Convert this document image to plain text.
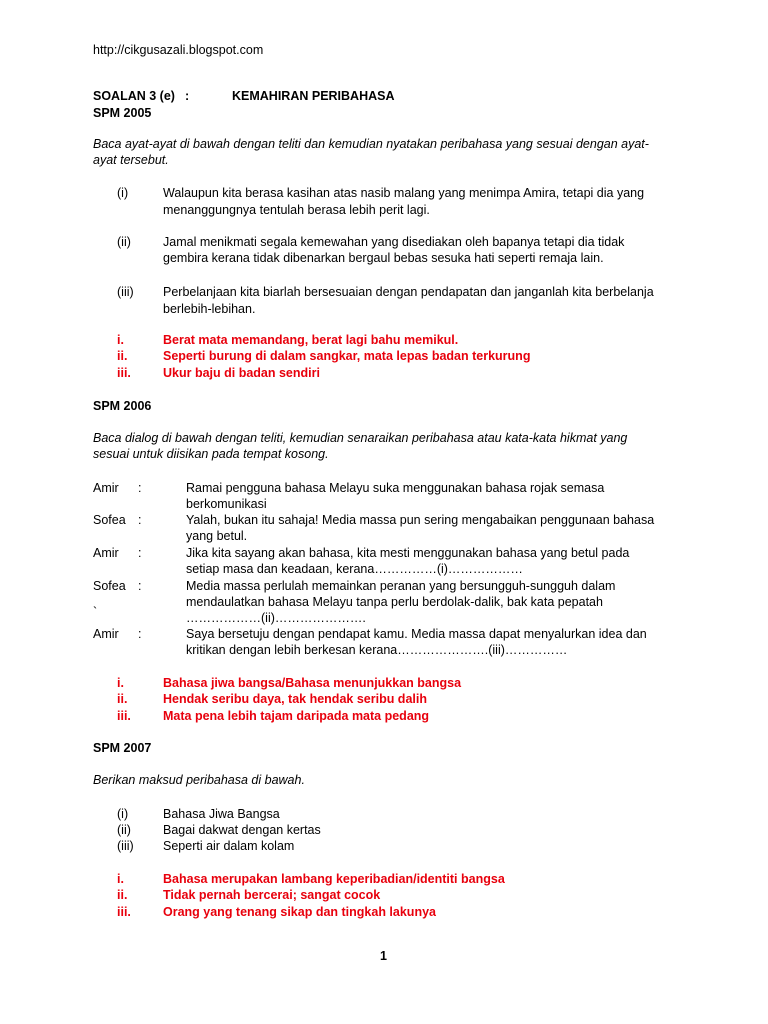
http://cikgusazali.blogspot.com
SOALAN 3 (e) :	KEMAHIRAN PERIBAHASA
SPM 2005
Baca ayat-ayat di bawah dengan teliti dan kemudian nyatakan peribahasa yang sesuai dengan ayat-
ayat tersebut.
(i)	Walaupun kita berasa kasihan atas nasib malang yang menimpa Amira, tetapi dia yang
menanggungnya tentulah berasa lebih perit lagi.
(ii)	Jamal menikmati segala kemewahan yang disediakan oleh bapanya tetapi dia tidak
gembira kerana tidak dibenarkan bergaul bebas sesuka hati seperti remaja lain.
(iii) Perbelanjaan kita biarlah bersesuaian dengan pendapatan dan janganlah kita berbelanja
berlebih-lebihan.
i.	Berat mata memandang, berat lagi bahu memikul.
ii.	Seperti burung di dalam sangkar, mata lepas badan terkurung
iii.	Ukur baju di badan sendiri
SPM 2006
Baca dialog di bawah dengan teliti, kemudian senaraikan peribahasa atau kata-kata hikmat yang
sesuai untuk diisikan pada tempat kosong.
Amir :	Ramai pengguna bahasa Melayu suka menggunakan bahasa rojak semasa
berkomunikasi
Sofea :	Yalah, bukan itu sahaja! Media massa pun sering mengabaikan penggunaan bahasa
yang betul.
Amir :	Jika kita sayang akan bahasa, kita mesti menggunakan bahasa yang betul pada
setiap masa dan keadaan, kerana……………(i)………………
Sofea :	Media massa perlulah memainkan peranan yang bersungguh-sungguh dalam
mendaulatkan bahasa Melayu tanpa perlu berdolak-dalik, bak kata pepatah
`	………………(ii)………………….
Amir :	Saya bersetuju dengan pendapat kamu. Media massa dapat menyalurkan idea dan
kritikan dengan lebih berkesan kerana………………….(iii)……………
i.	Bahasa jiwa bangsa/Bahasa menunjukkan bangsa
ii.	Hendak seribu daya, tak hendak seribu dalih
iii.	Mata pena lebih tajam daripada mata pedang
SPM 2007
Berikan maksud peribahasa di bawah.
(i)	Bahasa Jiwa Bangsa
(ii)	Bagai dakwat dengan kertas
(iii) Seperti air dalam kolam
i.	Bahasa merupakan lambang keperibadian/identiti bangsa
ii.	Tidak pernah bercerai; sangat cocok
iii.	Orang yang tenang sikap dan tingkah lakunya
1
